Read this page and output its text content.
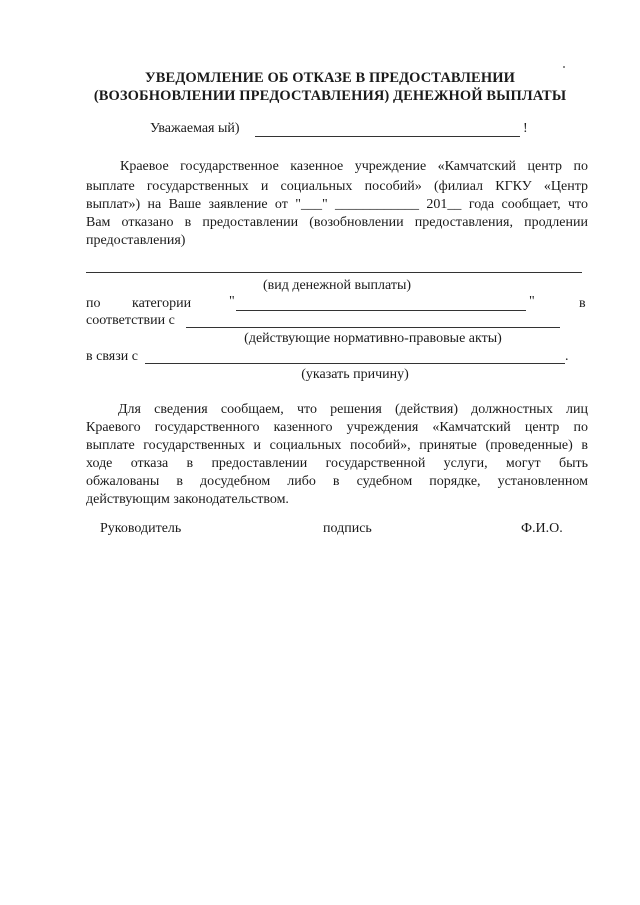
УВЕДОМЛЕНИЕ ОБ ОТКАЗЕ В ПРЕДОСТАВЛЕНИИ
(ВОЗОБНОВЛЕНИИ ПРЕДОСТАВЛЕНИЯ) ДЕНЕЖНОЙ ВЫПЛАТЫ
Уважаемая ый)	!
Краевое государственное казенное учреждение «Камчатский центр по
выплате государственных и социальных пособий» (филиал КГКУ «Центр
выплат») на Ваше заявление от "___" ____________ 201__ года сообщает, что
Вам отказано в предоставлении (возобновлении предоставления, продлении
предоставления)
(вид денежной выплаты)
по категории	"	"	в
соответствии с
(действующие нормативно-правовые акты)
в связи с	.
(указать причину)
Для сведения сообщаем, что решения (действия) должностных лиц
Краевого государственного казенного учреждения «Камчатский центр по
выплате государственных и социальных пособий», принятые (проведенные) в
ходе отказа в предоставлении государственной услуги, могут быть
обжалованы в досудебном либо в судебном порядке, установленном
действующим законодательством.
Руководитель	подпись	Ф.И.О.
